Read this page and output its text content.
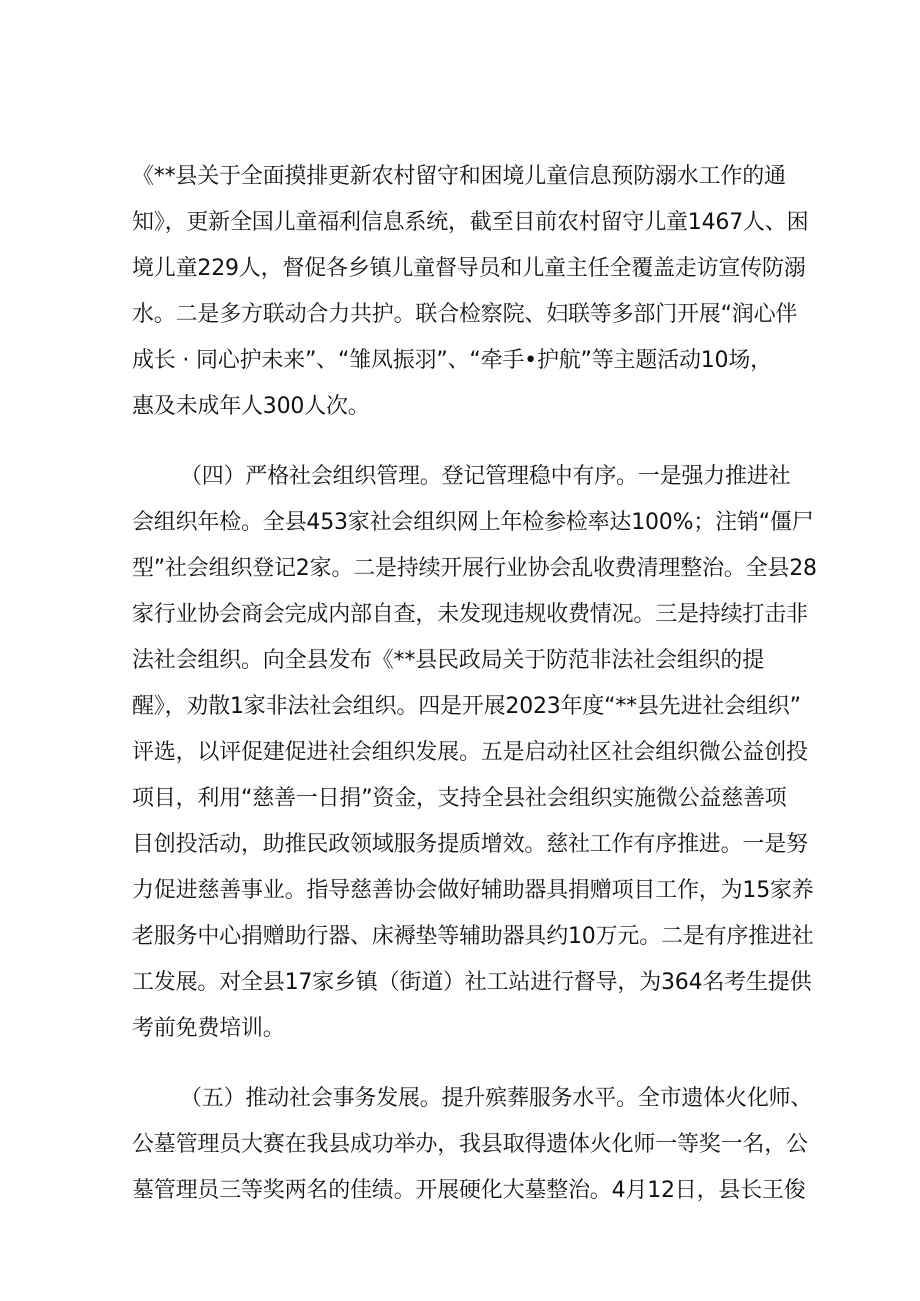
《**县关于全面摸排更新农村留守和困境儿童信息预防溺水工作的通
知》，更新全国儿童福利信息系统，截至目前农村留守儿童1467人、困
境儿童229人，督促各乡镇儿童督导员和儿童主任全覆盖走访宣传防溺
水。二是多方联动合力共护。联合检察院、妇联等多部门开展“润心伴
成长 · 同心护未来”、“雏凤振羽”、“牵手•护航”等主题活动10场，
惠及未成年人300人次。
（四）严格社会组织管理。登记管理稳中有序。一是强力推进社
会组织年检。全县453家社会组织网上年检参检率达100%；注销“僵尸
型”社会组织登记2家。二是持续开展行业协会乱收费清理整治。全县28
家行业协会商会完成内部自查，未发现违规收费情况。三是持续打击非
法社会组织。向全县发布《**县民政局关于防范非法社会组织的提
醒》，劝散1家非法社会组织。四是开展2023年度“**县先进社会组织”
评选，以评促建促进社会组织发展。五是启动社区社会组织微公益创投
项目，利用“慈善一日捐”资金，支持全县社会组织实施微公益慈善项
目创投活动，助推民政领域服务提质增效。慈社工作有序推进。一是努
力促进慈善事业。指导慈善协会做好辅助器具捐赠项目工作，为15家养
老服务中心捐赠助行器、床褥垫等辅助器具约10万元。二是有序推进社
工发展。对全县17家乡镇（街道）社工站进行督导，为364名考生提供
考前免费培训。
（五）推动社会事务发展。提升殡葬服务水平。全市遗体火化师、
公墓管理员大赛在我县成功举办，我县取得遗体火化师一等奖一名，公
墓管理员三等奖两名的佳绩。开展硬化大墓整治。4月12日，县长王俊
